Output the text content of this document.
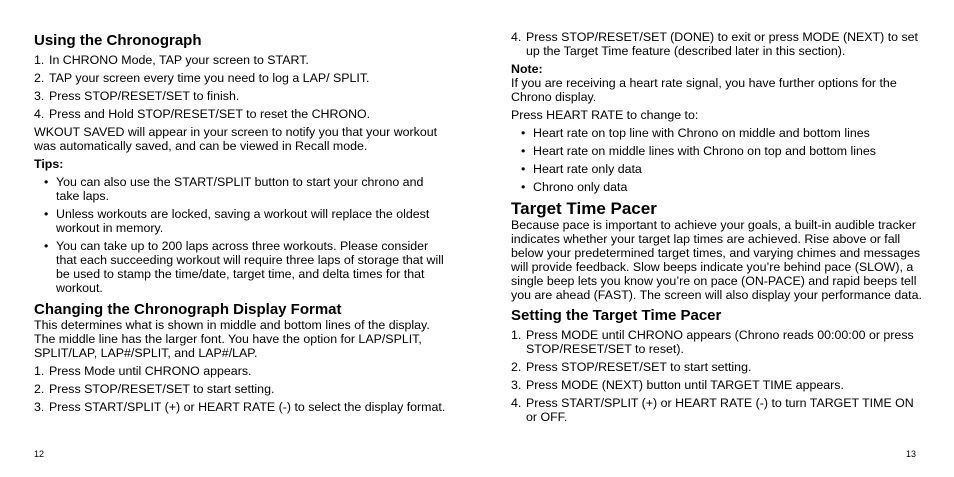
Using the Chronograph
1. In CHRONO Mode, TAP your screen to START.
2. TAP your screen every time you need to log a LAP/ SPLIT.
3. Press STOP/RESET/SET to finish.
4. Press and Hold STOP/RESET/SET to reset the CHRONO.

WKOUT SAVED will appear in your screen to notify you that your workout was automatically saved, and can be viewed in Recall mode.

Tips:
• You can also use the START/SPLIT button to start your chrono and take laps.
• Unless workouts are locked, saving a workout will replace the oldest workout in memory.
• You can take up to 200 laps across three workouts. Please consider that each succeeding workout will require three laps of storage that will be used to stamp the time/date, target time, and delta times for that workout.
Changing the Chronograph Display Format

This determines what is shown in middle and bottom lines of the display. The middle line has the larger font. You have the option for LAP/SPLIT, SPLIT/LAP, LAP#/SPLIT, and LAP#/LAP.

1. Press Mode until CHRONO appears.
2. Press STOP/RESET/SET to start setting.
3. Press START/SPLIT (+) or HEART RATE (-) to select the display format.
12
4. Press STOP/RESET/SET (DONE) to exit or press MODE (NEXT) to set up the Target Time feature (described later in this section).
Note:

If you are receiving a heart rate signal, you have further options for the Chrono display.

Press HEART RATE to change to:

• Heart rate on top line with Chrono on middle and bottom lines
• Heart rate on middle lines with Chrono on top and bottom lines
• Heart rate only data
• Chrono only data
Target Time Pacer

Because pace is important to achieve your goals, a built-in audible tracker indicates whether your target lap times are achieved. Rise above or fall below your predetermined target times, and varying chimes and messages will provide feedback. Slow beeps indicate you’re behind pace (SLOW), a single beep lets you know you’re on pace (ON-PACE) and rapid beeps tell you are ahead (FAST). The screen will also display your performance data.

Setting the Target Time Pacer
1. Press MODE until CHRONO appears (Chrono reads 00:00:00 or press STOP/RESET/SET to reset).
2. Press STOP/RESET/SET to start setting.
3. Press MODE (NEXT) button until TARGET TIME appears.
4. Press START/SPLIT (+) or HEART RATE (-) to turn TARGET TIME ON or OFF.
13
